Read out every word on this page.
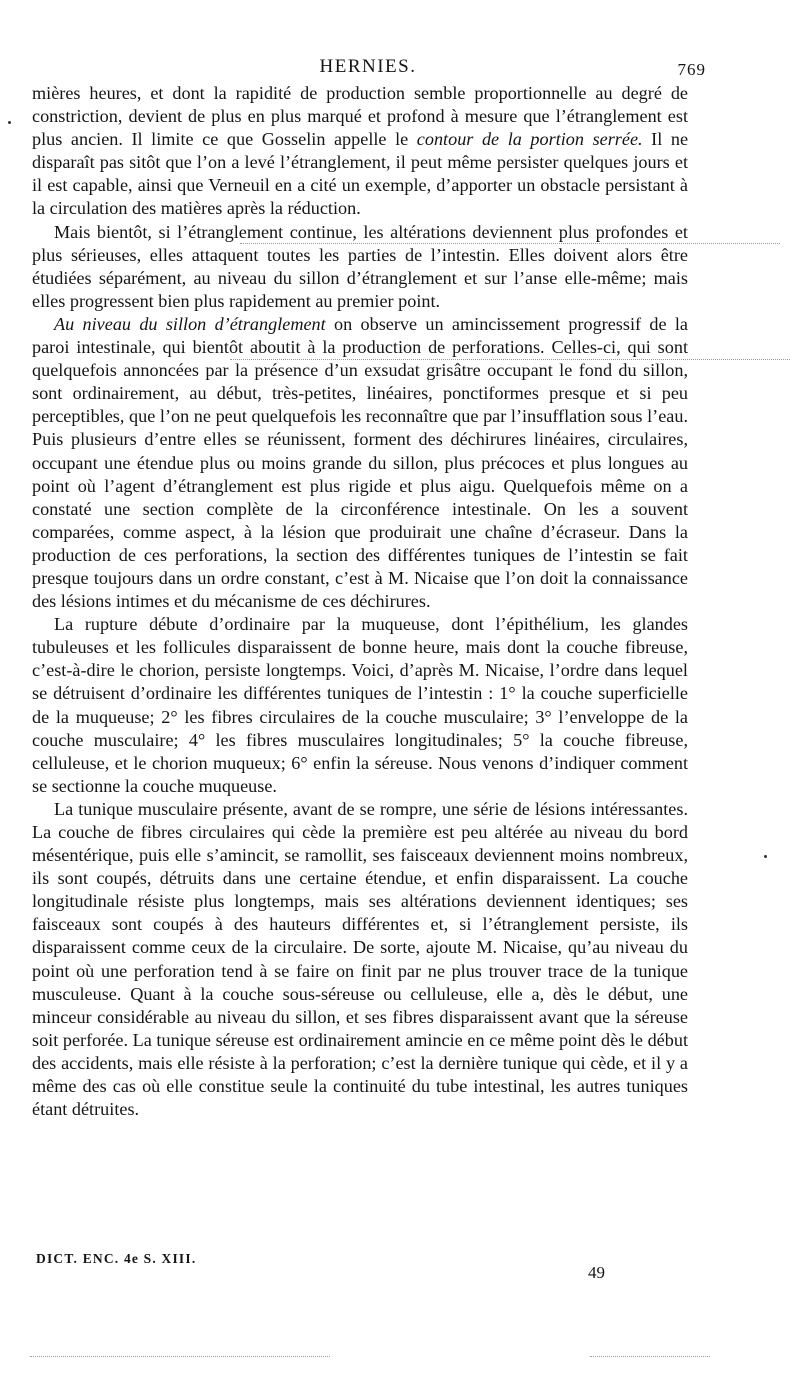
HERNIES.	769

mières heures, et dont la rapidité de production semble proportionnelle au degré de constriction, devient de plus en plus marqué et profond à mesure que l’étranglement est plus ancien. Il limite ce que Gosselin appelle le contour de la portion serrée. Il ne disparaît pas sitôt que l’on a levé l’étranglement, il peut même persister quelques jours et il est capable, ainsi que Verneuil en a cité un exemple, d’apporter un obstacle persistant à la circulation des matières après la réduction.

Mais bientôt, si l’étranglement continue, les altérations deviennent plus profondes et plus sérieuses, elles attaquent toutes les parties de l’intestin. Elles doivent alors être étudiées séparément, au niveau du sillon d’étranglement et sur l’anse elle-même; mais elles progressent bien plus rapidement au premier point.

Au niveau du sillon d’étranglement on observe un amincissement progressif de la paroi intestinale, qui bientôt aboutit à la production de perforations. Celles-ci, qui sont quelquefois annoncées par la présence d’un exsudat grisâtre occupant le fond du sillon, sont ordinairement, au début, très-petites, linéaires, ponctiformes presque et si peu perceptibles, que l’on ne peut quelquefois les reconnaître que par l’insufflation sous l’eau. Puis plusieurs d’entre elles se réunissent, forment des déchirures linéaires, circulaires, occupant une étendue plus ou moins grande du sillon, plus précoces et plus longues au point où l’agent d’étranglement est plus rigide et plus aigu. Quelquefois même on a constaté une section complète de la circonférence intestinale. On les a souvent comparées, comme aspect, à la lésion que produirait une chaîne d’écraseur. Dans la production de ces perforations, la section des différentes tuniques de l’intestin se fait presque toujours dans un ordre constant, c’est à M. Nicaise que l’on doit la connaissance des lésions intimes et du mécanisme de ces déchirures.

La rupture débute d’ordinaire par la muqueuse, dont l’épithélium, les glandes tubuleuses et les follicules disparaissent de bonne heure, mais dont la couche fibreuse, c’est-à-dire le chorion, persiste longtemps. Voici, d’après M. Nicaise, l’ordre dans lequel se détruisent d’ordinaire les différentes tuniques de l’intestin : 1° la couche superficielle de la muqueuse; 2° les fibres circulaires de la couche musculaire; 3° l’enveloppe de la couche musculaire; 4° les fibres musculaires longitudinales; 5° la couche fibreuse, celluleuse, et le chorion muqueux; 6° enfin la séreuse. Nous venons d’indiquer comment se sectionne la couche muqueuse.

La tunique musculaire présente, avant de se rompre, une série de lésions intéressantes. La couche de fibres circulaires qui cède la première est peu altérée au niveau du bord mésentérique, puis elle s’amincit, se ramollit, ses faisceaux deviennent moins nombreux, ils sont coupés, détruits dans une certaine étendue, et enfin disparaissent. La couche longitudinale résiste plus longtemps, mais ses altérations deviennent identiques; ses faisceaux sont coupés à des hauteurs différentes et, si l’étranglement persiste, ils disparaissent comme ceux de la circulaire. De sorte, ajoute M. Nicaise, qu’au niveau du point où une perforation tend à se faire on finit par ne plus trouver trace de la tunique musculeuse. Quant à la couche sous-séreuse ou celluleuse, elle a, dès le début, une minceur considérable au niveau du sillon, et ses fibres disparaissent avant que la séreuse soit perforée. La tunique séreuse est ordinairement amincie en ce même point dès le début des accidents, mais elle résiste à la perforation; c’est la dernière tunique qui cède, et il y a même des cas où elle constitue seule la continuité du tube intestinal, les autres tuniques étant détruites.

DICT. ENC. 4e S. XIII.
49
